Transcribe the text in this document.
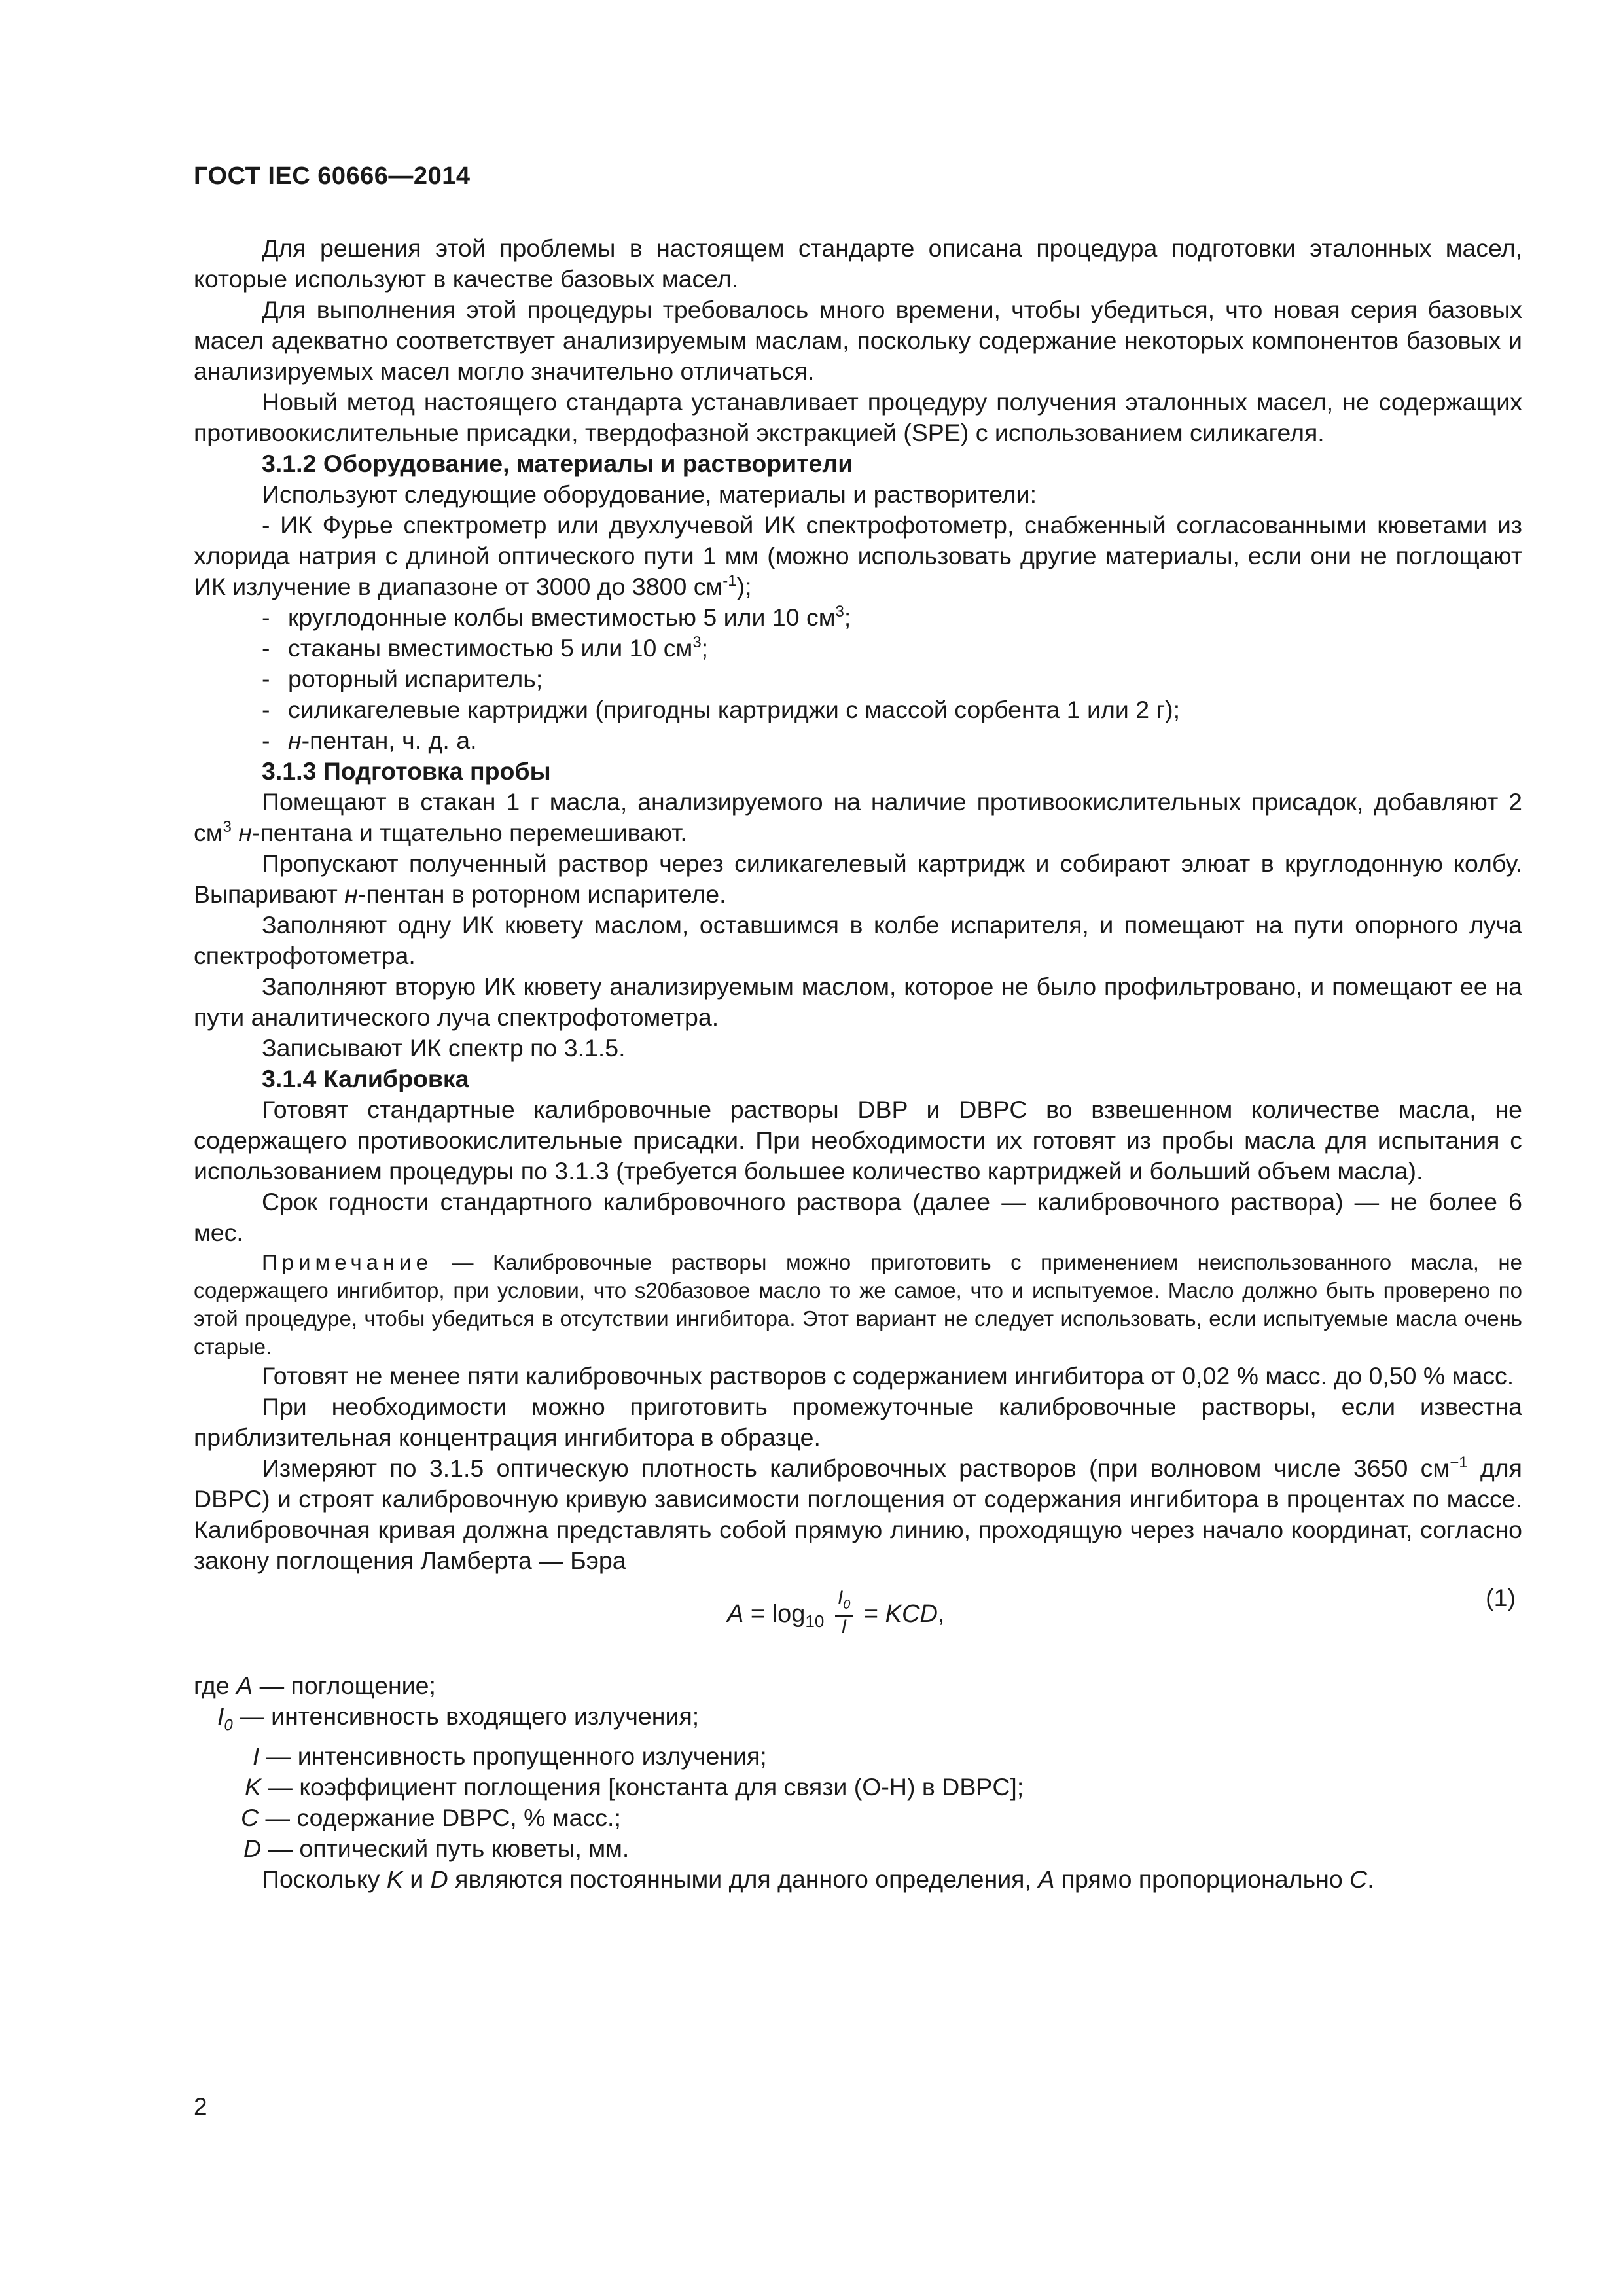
ГОСТ IEC 60666—2014

Для решения этой проблемы в настоящем стандарте описана процедура подготовки эталонных масел, которые используют в качестве базовых масел.

Для выполнения этой процедуры требовалось много времени, чтобы убедиться, что новая серия базовых масел адекватно соответствует анализируемым маслам, поскольку содержание некоторых компонентов базовых и анализируемых масел могло значительно отличаться.

Новый метод настоящего стандарта устанавливает процедуру получения эталонных масел, не содержащих противоокислительные присадки, твердофазной экстракцией (SPE) с использованием силикагеля.

3.1.2 Оборудование, материалы и растворители

Используют следующие оборудование, материалы и растворители:

- ИК Фурье спектрометр или двухлучевой ИК спектрофотометр, снабженный согласованными кюветами из хлорида натрия с длиной оптического пути 1 мм (можно использовать другие материалы, если они не поглощают ИК излучение в диапазоне от 3000 до 3800 $см^{-1}$);

- круглодонные колбы вместимостью 5 или 10 $см^3$;
- стаканы вместимостью 5 или 10 $см^3$;
- роторный испаритель;
- силикагелевые картриджи (пригодны картриджи с массой сорбента 1 или 2 г);
- н-пентан, ч. д. а.
3.1.3 Подготовка пробы

Помещают в стакан 1 г масла, анализируемого на наличие противоокислительных присадок, добавляют 2 $см^3$ н-пентана и тщательно перемешивают.

Пропускают полученный раствор через силикагелевый картридж и собирают элюат в круглодонную колбу. Выпаривают н-пентан в роторном испарителе.

Заполняют одну ИК кювету маслом, оставшимся в колбе испарителя, и помещают на пути опорного луча спектрофотометра.

Заполняют вторую ИК кювету анализируемым маслом, которое не было профильтровано, и помещают ее на пути аналитического луча спектрофотометра.

Записывают ИК спектр по 3.1.5.

3.1.4 Калибровка

Готовят стандартные калибровочные растворы DBP и DBPC во взвешенном количестве масла, не содержащего противоокислительные присадки. При необходимости их готовят из пробы масла для испытания с использованием процедуры по 3.1.3 (требуется большее количество картриджей и больший объем масла).

Срок годности стандартного калибровочного раствора (далее — калибровочного раствора) — не более 6 мес.

Примечание — Калибровочные растворы можно приготовить с применением неиспользованного масла, не содержащего ингибитор, при условии, что s20базовое масло то же самое, что и испытуемое. Масло должно быть проверено по этой процедуре, чтобы убедиться в отсутствии ингибитора. Этот вариант не следует использовать, если испытуемые масла очень старые.

Готовят не менее пяти калибровочных растворов с содержанием ингибитора от 0,02 % масс. до 0,50 % масс.

При необходимости можно приготовить промежуточные калибровочные растворы, если известна приблизительная концентрация ингибитора в образце.

Измеряют по 3.1.5 оптическую плотность калибровочных растворов (при волновом числе 3650 $см^{-1}$ для DBPC) и строят калибровочную кривую зависимости поглощения от содержания ингибитора в процентах по массе. Калибровочная кривая должна представлять собой прямую линию, проходящую через начало координат, согласно закону поглощения Ламберта — Бэра

$A = \log_{10} \frac{I_0}{I}$ = KCD,
(1)
где A — поглощение;
$I_0$ — интенсивность входящего излучения;
I — интенсивность пропущенного излучения;
K — коэффициент поглощения [константа для связи (О-Н) в DBPC];
C — содержание DBPC, % масс.;
D — оптический путь кюветы, мм.

Поскольку K и D являются постоянными для данного определения, A прямо пропорционально C.

2
